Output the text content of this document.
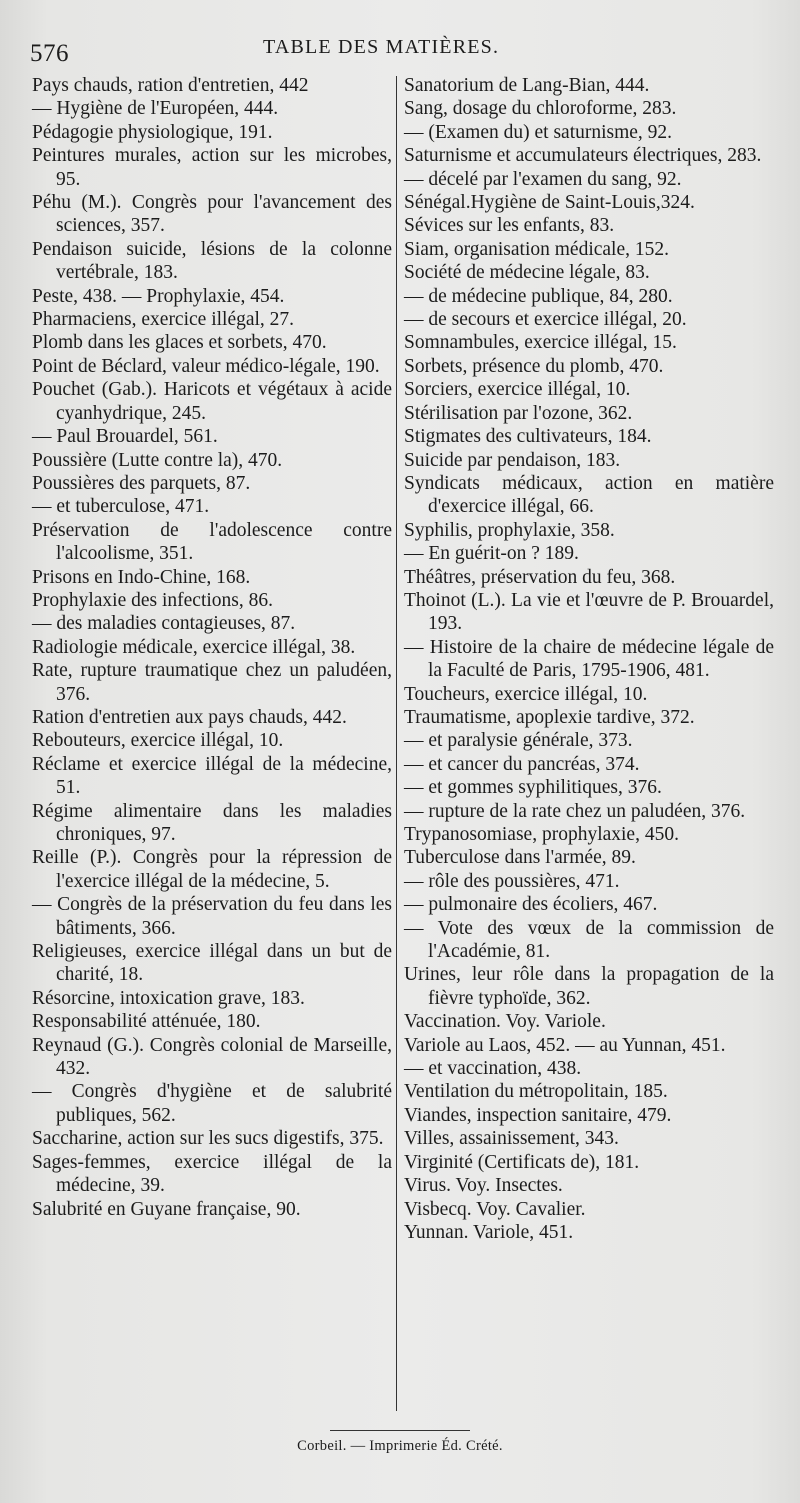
576	TABLE DES MATIÈRES.

Pays chauds, ration d'entretien, 442

— Hygiène de l'Européen, 444.

Pédagogie physiologique, 191.

Peintures murales, action sur les microbes, 95.

Péhu (M.). Congrès pour l'avancement des sciences, 357.

Pendaison suicide, lésions de la colonne vertébrale, 183.

Peste, 438. — Prophylaxie, 454.

Pharmaciens, exercice illégal, 27.

Plomb dans les glaces et sorbets, 470.

Point de Béclard, valeur médico-légale, 190.

Pouchet (Gab.). Haricots et végétaux à acide cyanhydrique, 245.

— Paul Brouardel, 561.

Poussière (Lutte contre la), 470.

Poussières des parquets, 87.

— et tuberculose, 471.

Préservation de l'adolescence contre l'alcoolisme, 351.

Prisons en Indo-Chine, 168.

Prophylaxie des infections, 86.

— des maladies contagieuses, 87.

Radiologie médicale, exercice illégal, 38.

Rate, rupture traumatique chez un paludéen, 376.

Ration d'entretien aux pays chauds, 442.

Rebouteurs, exercice illégal, 10.

Réclame et exercice illégal de la médecine, 51.

Régime alimentaire dans les maladies chroniques, 97.

Reille (P.). Congrès pour la répression de l'exercice illégal de la médecine, 5.

— Congrès de la préservation du feu dans les bâtiments, 366.

Religieuses, exercice illégal dans un but de charité, 18.

Résorcine, intoxication grave, 183.

Responsabilité atténuée, 180.

Reynaud (G.). Congrès colonial de Marseille, 432.

— Congrès d'hygiène et de salubrité publiques, 562.

Saccharine, action sur les sucs digestifs, 375.

Sages-femmes, exercice illégal de la médecine, 39.

Salubrité en Guyane française, 90.

Sanatorium de Lang-Bian, 444.

Sang, dosage du chloroforme, 283.

— (Examen du) et saturnisme, 92.

Saturnisme et accumulateurs électriques, 283.

— décelé par l'examen du sang, 92.

Sénégal.Hygiène de Saint-Louis,324.

Sévices sur les enfants, 83.

Siam, organisation médicale, 152.

Société de médecine légale, 83.

— de médecine publique, 84, 280.

— de secours et exercice illégal, 20.

Somnambules, exercice illégal, 15.

Sorbets, présence du plomb, 470.

Sorciers, exercice illégal, 10.

Stérilisation par l'ozone, 362.

Stigmates des cultivateurs, 184.

Suicide par pendaison, 183.

Syndicats médicaux, action en matière d'exercice illégal, 66.

Syphilis, prophylaxie, 358.

— En guérit-on ? 189.

Théâtres, préservation du feu, 368.

Thoinot (L.). La vie et l'œuvre de P. Brouardel, 193.

— Histoire de la chaire de médecine légale de la Faculté de Paris, 1795-1906, 481.

Toucheurs, exercice illégal, 10.

Traumatisme, apoplexie tardive, 372.

— et paralysie générale, 373.

— et cancer du pancréas, 374.

— et gommes syphilitiques, 376.

— rupture de la rate chez un paludéen, 376.

Trypanosomiase, prophylaxie, 450.

Tuberculose dans l'armée, 89.

— rôle des poussières, 471.

— pulmonaire des écoliers, 467.

— Vote des vœux de la commission de l'Académie, 81.

Urines, leur rôle dans la propagation de la fièvre typhoïde, 362.

Vaccination. Voy. Variole.

Variole au Laos, 452. — au Yunnan, 451.

— et vaccination, 438.

Ventilation du métropolitain, 185.

Viandes, inspection sanitaire, 479.

Villes, assainissement, 343.

Virginité (Certificats de), 181.

Virus. Voy. Insectes.

Visbecq. Voy. Cavalier.

Yunnan. Variole, 451.

Corbeil. — Imprimerie Éd. Crété.
